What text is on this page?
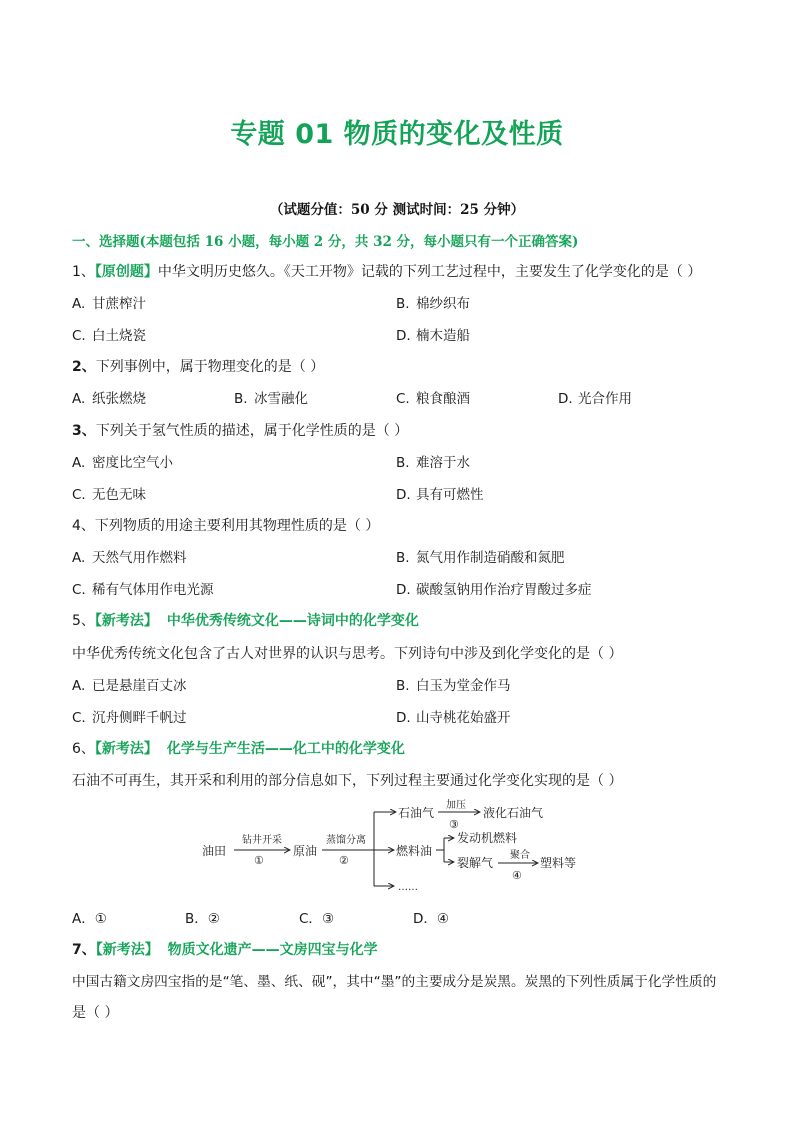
专题 01 物质的变化及性质
（试题分值：50 分 测试时间：25 分钟）
一、选择题(本题包括 16 小题，每小题 2 分，共 32 分，每小题只有一个正确答案)
1、【原创题】中华文明历史悠久。《天工开物》记载的下列工艺过程中，主要发生了化学变化的是（ ）
A. 甘蔗榨汁	B. 棉纱织布
C. 白土烧瓷	D. 楠木造船
2、下列事例中，属于物理变化的是（ ）
A. 纸张燃烧	B. 冰雪融化	C. 粮食酿酒	D. 光合作用
3、下列关于氢气性质的描述，属于化学性质的是（ ）
A. 密度比空气小	B. 难溶于水
C. 无色无味	D. 具有可燃性
4、下列物质的用途主要利用其物理性质的是（ ）
A. 天然气用作燃料	B. 氮气用作制造硝酸和氮肥
C. 稀有气体用作电光源	D. 碳酸氢钠用作治疗胃酸过多症
5、【新考法】 中华优秀传统文化——诗词中的化学变化
中华优秀传统文化包含了古人对世界的认识与思考。下列诗句中涉及到化学变化的是（ ）
A. 已是悬崖百丈冰	B. 白玉为堂金作马
C. 沉舟侧畔千帆过	D. 山寺桃花始盛开
6、【新考法】 化学与生产生活——化工中的化学变化
石油不可再生，其开采和利用的部分信息如下，下列过程主要通过化学变化实现的是（ ）
油田
钻井开采
①
原油
蒸馏分离
②
石油气
加压
③
液化石油气
燃料油
发动机燃料
裂解气
聚合
④
塑料等
……
A．①	B．②	C．③	D．④
7、【新考法】 物质文化遗产——文房四宝与化学
中国古籍文房四宝指的是“笔、墨、纸、砚”，其中“墨”的主要成分是炭黑。炭黑的下列性质属于化学性质的
是（ ）
